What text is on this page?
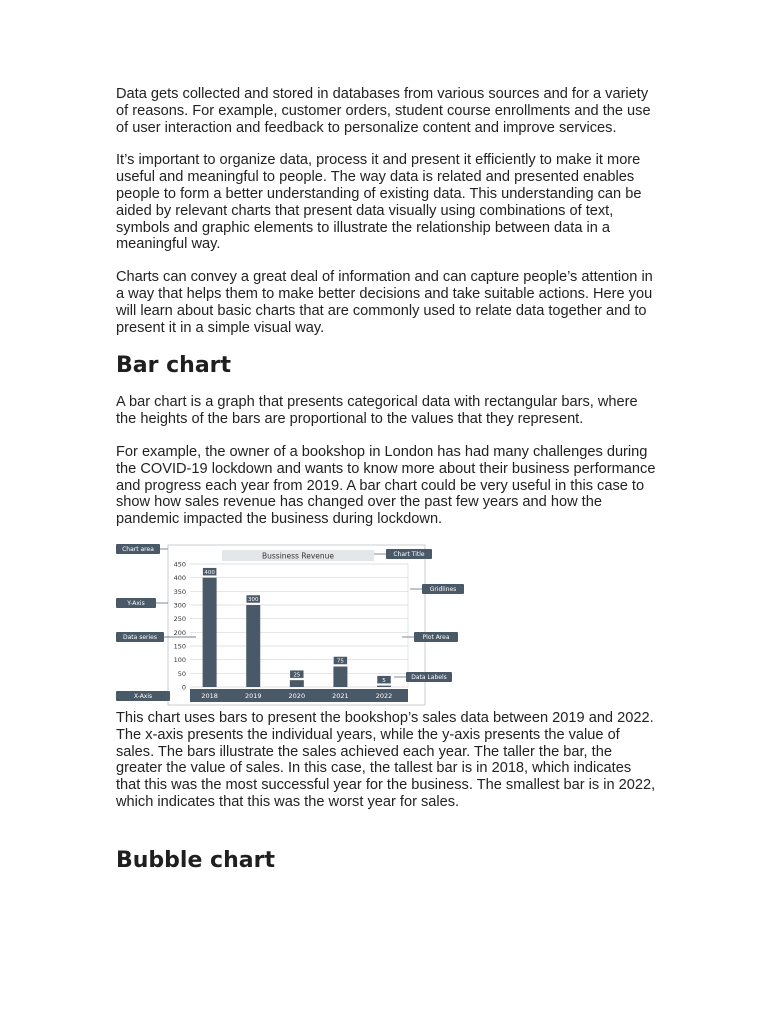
Data gets collected and stored in databases from various sources and for a variety of reasons. For example, customer orders, student course enrollments and the use of user interaction and feedback to personalize content and improve services.

It’s important to organize data, process it and present it efficiently to make it more useful and meaningful to people. The way data is related and presented enables people to form a better understanding of existing data. This understanding can be aided by relevant charts that present data visually using combinations of text, symbols and graphic elements to illustrate the relationship between data in a meaningful way.

Charts can convey a great deal of information and can capture people’s attention in a way that helps them to make better decisions and take suitable actions. Here you will learn about basic charts that are commonly used to relate data together and to present it in a simple visual way.

Bar chart

A bar chart is a graph that presents categorical data with rectangular bars, where the heights of the bars are proportional to the values that they represent.

For example, the owner of a bookshop in London has had many challenges during the COVID-19 lockdown and wants to know more about their business performance and progress each year from 2019. A bar chart could be very useful in this case to show how sales revenue has changed over the past few years and how the pandemic impacted the business during lockdown.

Bussiness Revenue
0
50
100
150
200
250
300
350
400
450
400
2018
300
2019
25
2020
75
2021
5
2022
Chart area
Y-Axis
Data series
X-Axis
Chart Title
Gridlines
Plot Area
Data Labels

This chart uses bars to present the bookshop’s sales data between 2019 and 2022. The x-axis presents the individual years, while the y-axis presents the value of sales. The bars illustrate the sales achieved each year. The taller the bar, the greater the value of sales. In this case, the tallest bar is in 2018, which indicates that this was the most successful year for the business. The smallest bar is in 2022, which indicates that this was the worst year for sales.

Bubble chart
